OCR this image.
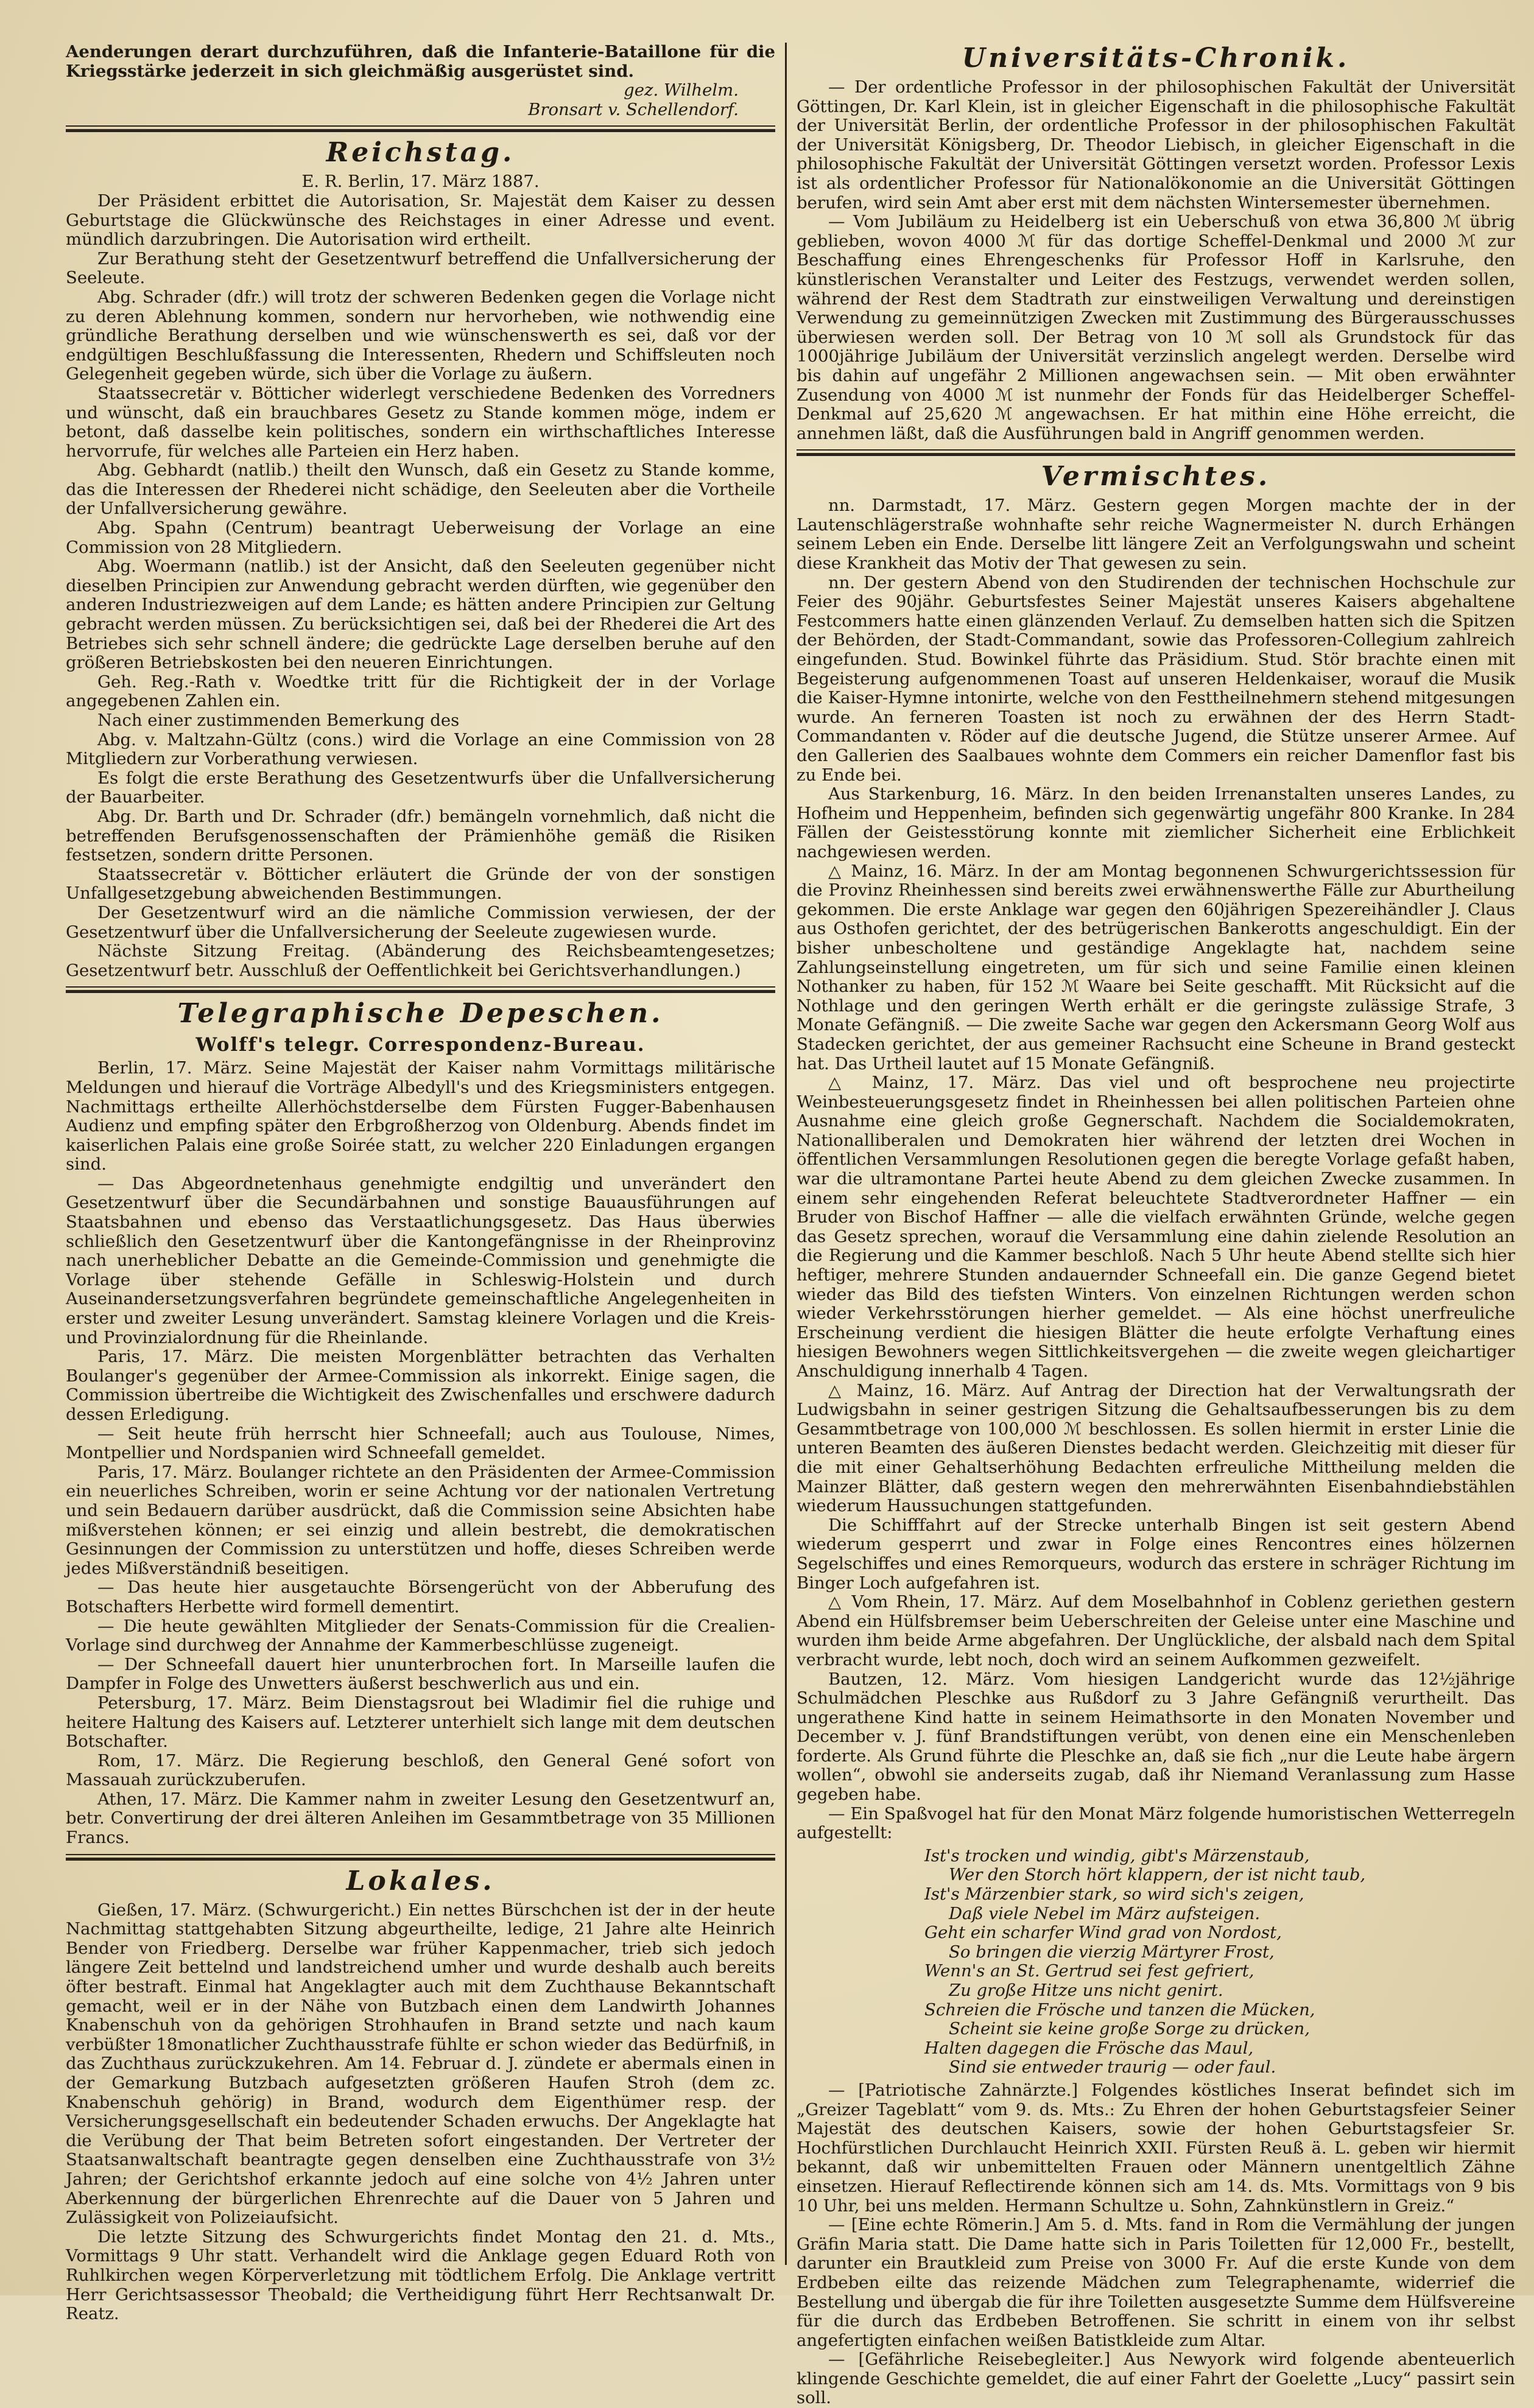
Aenderungen derart durchzuführen, daß die Infanterie-Bataillone für die Kriegsstärke jederzeit in sich gleichmäßig ausgerüstet sind.

gez. Wilhelm.
Bronsart v. Schellendorf.
Reichstag.
E. R. Berlin, 17. März 1887.

Der Präsident erbittet die Autorisation, Sr. Majestät dem Kaiser zu dessen Geburtstage die Glückwünsche des Reichstages in einer Adresse und event. mündlich darzubringen. Die Autorisation wird ertheilt.

Zur Berathung steht der Gesetzentwurf betreffend die Unfallversicherung der Seeleute.

Abg. Schrader (dfr.) will trotz der schweren Bedenken gegen die Vorlage nicht zu deren Ablehnung kommen, sondern nur hervorheben, wie nothwendig eine gründliche Berathung derselben und wie wünschenswerth es sei, daß vor der endgültigen Beschlußfassung die Interessenten, Rhedern und Schiffsleuten noch Gelegenheit gegeben würde, sich über die Vorlage zu äußern.

Staatssecretär v. Bötticher widerlegt verschiedene Bedenken des Vorredners und wünscht, daß ein brauchbares Gesetz zu Stande kommen möge, indem er betont, daß dasselbe kein politisches, sondern ein wirthschaftliches Interesse hervorrufe, für welches alle Parteien ein Herz haben.

Abg. Gebhardt (natlib.) theilt den Wunsch, daß ein Gesetz zu Stande komme, das die Interessen der Rhederei nicht schädige, den Seeleuten aber die Vortheile der Unfallversicherung gewähre.

Abg. Spahn (Centrum) beantragt Ueberweisung der Vorlage an eine Commission von 28 Mitgliedern.

Abg. Woermann (natlib.) ist der Ansicht, daß den Seeleuten gegenüber nicht dieselben Principien zur Anwendung gebracht werden dürften, wie gegenüber den anderen Industriezweigen auf dem Lande; es hätten andere Principien zur Geltung gebracht werden müssen. Zu berücksichtigen sei, daß bei der Rhederei die Art des Betriebes sich sehr schnell ändere; die gedrückte Lage derselben beruhe auf den größeren Betriebskosten bei den neueren Einrichtungen.

Geh. Reg.-Rath v. Woedtke tritt für die Richtigkeit der in der Vorlage angegebenen Zahlen ein.

Nach einer zustimmenden Bemerkung des

Abg. v. Maltzahn-Gültz (cons.) wird die Vorlage an eine Commission von 28 Mitgliedern zur Vorberathung verwiesen.

Es folgt die erste Berathung des Gesetzentwurfs über die Unfallversicherung der Bauarbeiter.

Abg. Dr. Barth und Dr. Schrader (dfr.) bemängeln vornehmlich, daß nicht die betreffenden Berufsgenossenschaften der Prämienhöhe gemäß die Risiken festsetzen, sondern dritte Personen.

Staatssecretär v. Bötticher erläutert die Gründe der von der sonstigen Unfallgesetzgebung abweichenden Bestimmungen.

Der Gesetzentwurf wird an die nämliche Commission verwiesen, der der Gesetzentwurf über die Unfallversicherung der Seeleute zugewiesen wurde.

Nächste Sitzung Freitag. (Abänderung des Reichsbeamtengesetzes; Gesetzentwurf betr. Ausschluß der Oeffentlichkeit bei Gerichtsverhandlungen.)

Telegraphische Depeschen.
Wolff's telegr. Correspondenz-Bureau.

Berlin, 17. März. Seine Majestät der Kaiser nahm Vormittags militärische Meldungen und hierauf die Vorträge Albedyll's und des Kriegsministers entgegen. Nachmittags ertheilte Allerhöchstderselbe dem Fürsten Fugger-Babenhausen Audienz und empfing später den Erbgroßherzog von Oldenburg. Abends findet im kaiserlichen Palais eine große Soirée statt, zu welcher 220 Einladungen ergangen sind.

— Das Abgeordnetenhaus genehmigte endgiltig und unverändert den Gesetzentwurf über die Secundärbahnen und sonstige Bauausführungen auf Staatsbahnen und ebenso das Verstaatlichungsgesetz. Das Haus überwies schließlich den Gesetzentwurf über die Kantongefängnisse in der Rheinprovinz nach unerheblicher Debatte an die Gemeinde-Commission und genehmigte die Vorlage über stehende Gefälle in Schleswig-Holstein und durch Auseinandersetzungsverfahren begründete gemeinschaftliche Angelegenheiten in erster und zweiter Lesung unverändert. Samstag kleinere Vorlagen und die Kreis- und Provinzialordnung für die Rheinlande.

Paris, 17. März. Die meisten Morgenblätter betrachten das Verhalten Boulanger's gegenüber der Armee-Commission als inkorrekt. Einige sagen, die Commission übertreibe die Wichtigkeit des Zwischenfalles und erschwere dadurch dessen Erledigung.

— Seit heute früh herrscht hier Schneefall; auch aus Toulouse, Nimes, Montpellier und Nordspanien wird Schneefall gemeldet.

Paris, 17. März. Boulanger richtete an den Präsidenten der Armee-Commission ein neuerliches Schreiben, worin er seine Achtung vor der nationalen Vertretung und sein Bedauern darüber ausdrückt, daß die Commission seine Absichten habe mißverstehen können; er sei einzig und allein bestrebt, die demokratischen Gesinnungen der Commission zu unterstützen und hoffe, dieses Schreiben werde jedes Mißverständniß beseitigen.

— Das heute hier ausgetauchte Börsengerücht von der Abberufung des Botschafters Herbette wird formell dementirt.

— Die heute gewählten Mitglieder der Senats-Commission für die Crealien-Vorlage sind durchweg der Annahme der Kammerbeschlüsse zugeneigt.

— Der Schneefall dauert hier ununterbrochen fort. In Marseille laufen die Dampfer in Folge des Unwetters äußerst beschwerlich aus und ein.

Petersburg, 17. März. Beim Dienstagsrout bei Wladimir fiel die ruhige und heitere Haltung des Kaisers auf. Letzterer unterhielt sich lange mit dem deutschen Botschafter.

Rom, 17. März. Die Regierung beschloß, den General Gené sofort von Massauah zurückzuberufen.

Athen, 17. März. Die Kammer nahm in zweiter Lesung den Gesetzentwurf an, betr. Convertirung der drei älteren Anleihen im Gesammtbetrage von 35 Millionen Francs.

Lokales.

Gießen, 17. März. (Schwurgericht.) Ein nettes Bürschchen ist der in der heute Nachmittag stattgehabten Sitzung abgeurtheilte, ledige, 21 Jahre alte Heinrich Bender von Friedberg. Derselbe war früher Kappenmacher, trieb sich jedoch längere Zeit bettelnd und landstreichend umher und wurde deshalb auch bereits öfter bestraft. Einmal hat Angeklagter auch mit dem Zuchthause Bekanntschaft gemacht, weil er in der Nähe von Butzbach einen dem Landwirth Johannes Knabenschuh von da gehörigen Strohhaufen in Brand setzte und nach kaum verbüßter 18monatlicher Zuchthausstrafe fühlte er schon wieder das Bedürfniß, in das Zuchthaus zurückzukehren. Am 14. Februar d. J. zündete er abermals einen in der Gemarkung Butzbach aufgesetzten größeren Haufen Stroh (dem zc. Knabenschuh gehörig) in Brand, wodurch dem Eigenthümer resp. der Versicherungsgesellschaft ein bedeutender Schaden erwuchs. Der Angeklagte hat die Verübung der That beim Betreten sofort eingestanden. Der Vertreter der Staatsanwaltschaft beantragte gegen denselben eine Zuchthausstrafe von 3½ Jahren; der Gerichtshof erkannte jedoch auf eine solche von 4½ Jahren unter Aberkennung der bürgerlichen Ehrenrechte auf die Dauer von 5 Jahren und Zulässigkeit von Polizeiaufsicht.

Die letzte Sitzung des Schwurgerichts findet Montag den 21. d. Mts., Vormittags 9 Uhr statt. Verhandelt wird die Anklage gegen Eduard Roth von Ruhlkirchen wegen Körperverletzung mit tödtlichem Erfolg. Die Anklage vertritt Herr Gerichtsassessor Theobald; die Vertheidigung führt Herr Rechtsanwalt Dr. Reatz.

Universitäts-Chronik.

— Der ordentliche Professor in der philosophischen Fakultät der Universität Göttingen, Dr. Karl Klein, ist in gleicher Eigenschaft in die philosophische Fakultät der Universität Berlin, der ordentliche Professor in der philosophischen Fakultät der Universität Königsberg, Dr. Theodor Liebisch, in gleicher Eigenschaft in die philosophische Fakultät der Universität Göttingen versetzt worden. Professor Lexis ist als ordentlicher Professor für Nationalökonomie an die Universität Göttingen berufen, wird sein Amt aber erst mit dem nächsten Wintersemester übernehmen.

— Vom Jubiläum zu Heidelberg ist ein Ueberschuß von etwa 36,800 ℳ übrig geblieben, wovon 4000 ℳ für das dortige Scheffel-Denkmal und 2000 ℳ zur Beschaffung eines Ehrengeschenks für Professor Hoff in Karlsruhe, den künstlerischen Veranstalter und Leiter des Festzugs, verwendet werden sollen, während der Rest dem Stadtrath zur einstweiligen Verwaltung und dereinstigen Verwendung zu gemeinnützigen Zwecken mit Zustimmung des Bürgerausschusses überwiesen werden soll. Der Betrag von 10 ℳ soll als Grundstock für das 1000jährige Jubiläum der Universität verzinslich angelegt werden. Derselbe wird bis dahin auf ungefähr 2 Millionen angewachsen sein. — Mit oben erwähnter Zusendung von 4000 ℳ ist nunmehr der Fonds für das Heidelberger Scheffel-Denkmal auf 25,620 ℳ angewachsen. Er hat mithin eine Höhe erreicht, die annehmen läßt, daß die Ausführungen bald in Angriff genommen werden.

Vermischtes.

nn. Darmstadt, 17. März. Gestern gegen Morgen machte der in der Lautenschlägerstraße wohnhafte sehr reiche Wagnermeister N. durch Erhängen seinem Leben ein Ende. Derselbe litt längere Zeit an Verfolgungswahn und scheint diese Krankheit das Motiv der That gewesen zu sein.

nn. Der gestern Abend von den Studirenden der technischen Hochschule zur Feier des 90jähr. Geburtsfestes Seiner Majestät unseres Kaisers abgehaltene Festcommers hatte einen glänzenden Verlauf. Zu demselben hatten sich die Spitzen der Behörden, der Stadt-Commandant, sowie das Professoren-Collegium zahlreich eingefunden. Stud. Bowinkel führte das Präsidium. Stud. Stör brachte einen mit Begeisterung aufgenommenen Toast auf unseren Heldenkaiser, worauf die Musik die Kaiser-Hymne intonirte, welche von den Festtheilnehmern stehend mitgesungen wurde. An ferneren Toasten ist noch zu erwähnen der des Herrn Stadt-Commandanten v. Röder auf die deutsche Jugend, die Stütze unserer Armee. Auf den Gallerien des Saalbaues wohnte dem Commers ein reicher Damenflor fast bis zu Ende bei.

Aus Starkenburg, 16. März. In den beiden Irrenanstalten unseres Landes, zu Hofheim und Heppenheim, befinden sich gegenwärtig ungefähr 800 Kranke. In 284 Fällen der Geistesstörung konnte mit ziemlicher Sicherheit eine Erblichkeit nachgewiesen werden.

△ Mainz, 16. März. In der am Montag begonnenen Schwurgerichtssession für die Provinz Rheinhessen sind bereits zwei erwähnenswerthe Fälle zur Aburtheilung gekommen. Die erste Anklage war gegen den 60jährigen Spezereihändler J. Claus aus Osthofen gerichtet, der des betrügerischen Bankerotts angeschuldigt. Ein der bisher unbescholtene und geständige Angeklagte hat, nachdem seine Zahlungseinstellung eingetreten, um für sich und seine Familie einen kleinen Nothanker zu haben, für 152 ℳ Waare bei Seite geschafft. Mit Rücksicht auf die Nothlage und den geringen Werth erhält er die geringste zulässige Strafe, 3 Monate Gefängniß. — Die zweite Sache war gegen den Ackersmann Georg Wolf aus Stadecken gerichtet, der aus gemeiner Rachsucht eine Scheune in Brand gesteckt hat. Das Urtheil lautet auf 15 Monate Gefängniß.

△ Mainz, 17. März. Das viel und oft besprochene neu projectirte Weinbesteuerungsgesetz findet in Rheinhessen bei allen politischen Parteien ohne Ausnahme eine gleich große Gegnerschaft. Nachdem die Socialdemokraten, Nationalliberalen und Demokraten hier während der letzten drei Wochen in öffentlichen Versammlungen Resolutionen gegen die beregte Vorlage gefaßt haben, war die ultramontane Partei heute Abend zu dem gleichen Zwecke zusammen. In einem sehr eingehenden Referat beleuchtete Stadtverordneter Haffner — ein Bruder von Bischof Haffner — alle die vielfach erwähnten Gründe, welche gegen das Gesetz sprechen, worauf die Versammlung eine dahin zielende Resolution an die Regierung und die Kammer beschloß. Nach 5 Uhr heute Abend stellte sich hier heftiger, mehrere Stunden andauernder Schneefall ein. Die ganze Gegend bietet wieder das Bild des tiefsten Winters. Von einzelnen Richtungen werden schon wieder Verkehrsstörungen hierher gemeldet. — Als eine höchst unerfreuliche Erscheinung verdient die hiesigen Blätter die heute erfolgte Verhaftung eines hiesigen Bewohners wegen Sittlichkeitsvergehen — die zweite wegen gleichartiger Anschuldigung innerhalb 4 Tagen.

△ Mainz, 16. März. Auf Antrag der Direction hat der Verwaltungsrath der Ludwigsbahn in seiner gestrigen Sitzung die Gehaltsaufbesserungen bis zu dem Gesammtbetrage von 100,000 ℳ beschlossen. Es sollen hiermit in erster Linie die unteren Beamten des äußeren Dienstes bedacht werden. Gleichzeitig mit dieser für die mit einer Gehaltserhöhung Bedachten erfreuliche Mittheilung melden die Mainzer Blätter, daß gestern wegen den mehrerwähnten Eisenbahndiebstählen wiederum Haussuchungen stattgefunden.

Die Schifffahrt auf der Strecke unterhalb Bingen ist seit gestern Abend wiederum gesperrt und zwar in Folge eines Rencontres eines hölzernen Segelschiffes und eines Remorqueurs, wodurch das erstere in schräger Richtung im Binger Loch aufgefahren ist.

△ Vom Rhein, 17. März. Auf dem Moselbahnhof in Coblenz geriethen gestern Abend ein Hülfsbremser beim Ueberschreiten der Geleise unter eine Maschine und wurden ihm beide Arme abgefahren. Der Unglückliche, der alsbald nach dem Spital verbracht wurde, lebt noch, doch wird an seinem Aufkommen gezweifelt.

Bautzen, 12. März. Vom hiesigen Landgericht wurde das 12½jährige Schulmädchen Pleschke aus Rußdorf zu 3 Jahre Gefängniß verurtheilt. Das ungerathene Kind hatte in seinem Heimathsorte in den Monaten November und December v. J. fünf Brandstiftungen verübt, von denen eine ein Menschenleben forderte. Als Grund führte die Pleschke an, daß sie fich „nur die Leute habe ärgern wollen“, obwohl sie anderseits zugab, daß ihr Niemand Veranlassung zum Hasse gegeben habe.

— Ein Spaßvogel hat für den Monat März folgende humoristischen Wetterregeln aufgestellt:

Ist's trocken und windig, gibt's Märzenstaub,
Wer den Storch hört klappern, der ist nicht taub,
Ist's Märzenbier stark, so wird sich's zeigen,
Daß viele Nebel im März aufsteigen.
Geht ein scharfer Wind grad von Nordost,
So bringen die vierzig Märtyrer Frost,
Wenn's an St. Gertrud sei fest gefriert,
Zu große Hitze uns nicht genirt.
Schreien die Frösche und tanzen die Mücken,
Scheint sie keine große Sorge zu drücken,
Halten dagegen die Frösche das Maul,
Sind sie entweder traurig — oder faul.

— [Patriotische Zahnärzte.] Folgendes köstliches Inserat befindet sich im „Greizer Tageblatt“ vom 9. ds. Mts.: Zu Ehren der hohen Geburtstagsfeier Seiner Majestät des deutschen Kaisers, sowie der hohen Geburtstagsfeier Sr. Hochfürstlichen Durchlaucht Heinrich XXII. Fürsten Reuß ä. L. geben wir hiermit bekannt, daß wir unbemittelten Frauen oder Männern unentgeltlich Zähne einsetzen. Hierauf Reflectirende können sich am 14. ds. Mts. Vormittags von 9 bis 10 Uhr, bei uns melden. Hermann Schultze u. Sohn, Zahnkünstlern in Greiz.“

— [Eine echte Römerin.] Am 5. d. Mts. fand in Rom die Vermählung der jungen Gräfin Maria statt. Die Dame hatte sich in Paris Toiletten für 12,000 Fr., bestellt, darunter ein Brautkleid zum Preise von 3000 Fr. Auf die erste Kunde von dem Erdbeben eilte das reizende Mädchen zum Telegraphenamte, widerrief die Bestellung und übergab die für ihre Toiletten ausgesetzte Summe dem Hülfsvereine für die durch das Erdbeben Betroffenen. Sie schritt in einem von ihr selbst angefertigten einfachen weißen Batistkleide zum Altar.

— [Gefährliche Reisebegleiter.] Aus Newyork wird folgende abenteuerlich klingende Geschichte gemeldet, die auf einer Fahrt der Goelette „Lucy“ passirt sein soll.
